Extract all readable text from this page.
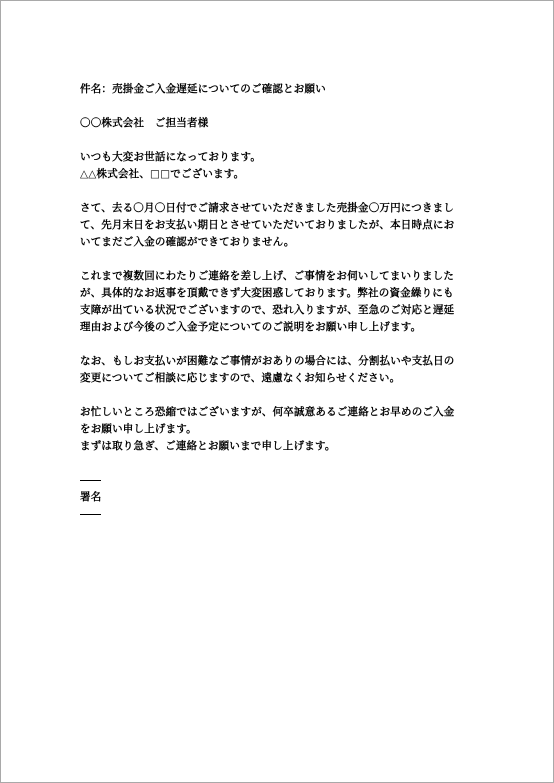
件名：売掛金ご入金遅延についてのご確認とお願い
〇〇株式会社　ご担当者様
いつも大変お世話になっております。
△△株式会社、□□でございます。
さて、去る〇月〇日付でご請求させていただきました売掛金〇万円につきまし
て、先月末日をお支払い期日とさせていただいておりましたが、本日時点にお
いてまだご入金の確認ができておりません。
これまで複数回にわたりご連絡を差し上げ、ご事情をお伺いしてまいりました
が、具体的なお返事を頂戴できず大変困惑しております。弊社の資金繰りにも
支障が出ている状況でございますので、恐れ入りますが、至急のご対応と遅延
理由および今後のご入金予定についてのご説明をお願い申し上げます。
なお、もしお支払いが困難なご事情がおありの場合には、分割払いや支払日の
変更についてご相談に応じますので、遠慮なくお知らせください。
お忙しいところ恐縮ではございますが、何卒誠意あるご連絡とお早めのご入金
をお願い申し上げます。
まずは取り急ぎ、ご連絡とお願いまで申し上げます。
署名
